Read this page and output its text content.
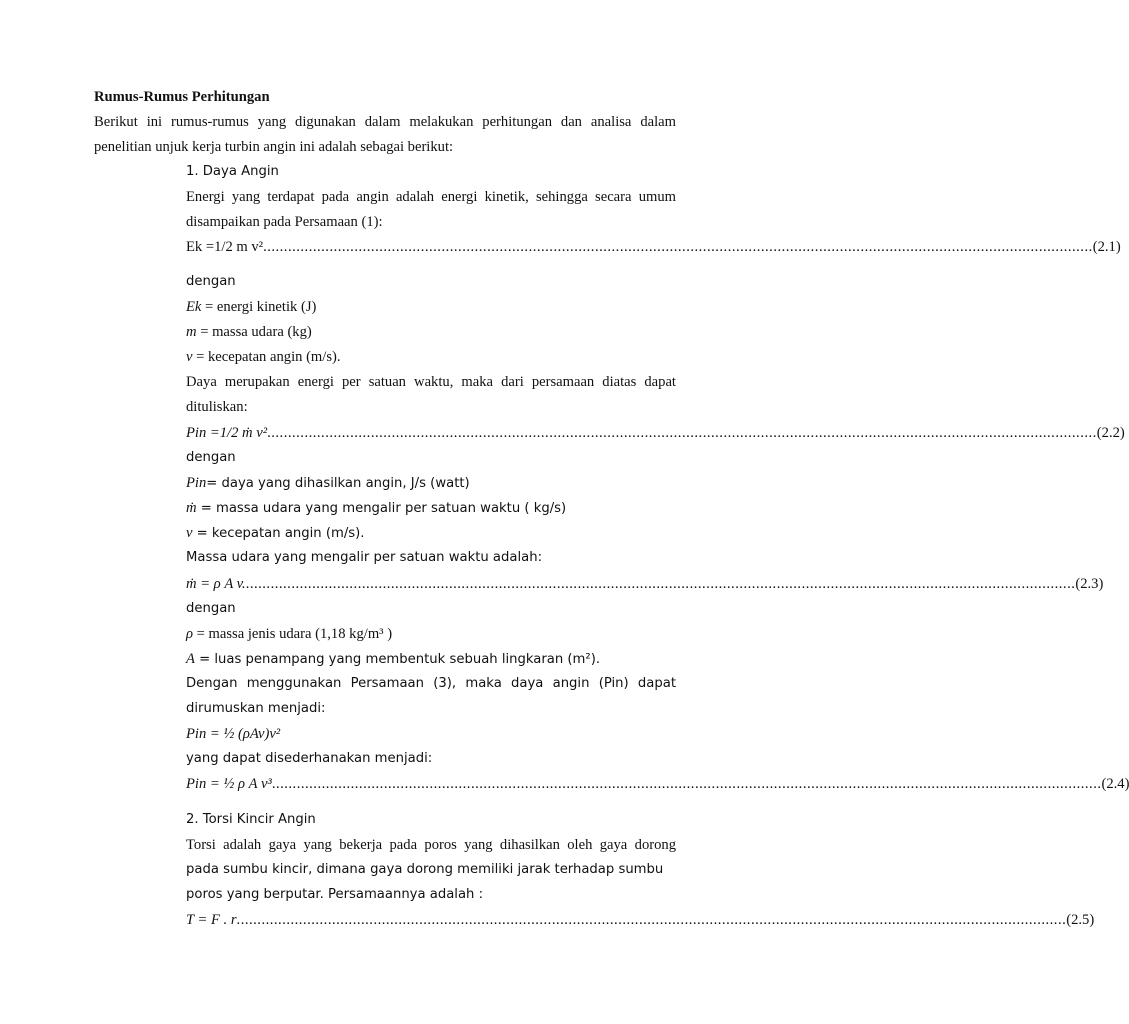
Rumus-Rumus Perhitungan
Berikut ini rumus-rumus yang digunakan dalam melakukan perhitungan dan analisa dalam
penelitian unjuk kerja turbin angin ini adalah sebagai berikut:
1. Daya Angin
Energi yang terdapat pada angin adalah energi kinetik, sehingga secara umum
disampaikan pada Persamaan (1):
Ek =1/2 m v² ........................................................................................................................................................................................................ (2.1)
dengan
Ek = energi kinetik (J)
m = massa udara (kg)
v = kecepatan angin (m/s).
Daya merupakan energi per satuan waktu, maka dari persamaan diatas dapat
dituliskan:
Pin =1/2 ṁ v² ........................................................................................................................................................................................................ (2.2)
dengan
Pin= daya yang dihasilkan angin, J/s (watt)
ṁ = massa udara yang mengalir per satuan waktu ( kg/s)
v = kecepatan angin (m/s).
Massa udara yang mengalir per satuan waktu adalah:
ṁ = ρ A v. ........................................................................................................................................................................................................ (2.3)
dengan
ρ = massa jenis udara (1,18 kg/m³ )
A = luas penampang yang membentuk sebuah lingkaran (m²).
Dengan menggunakan Persamaan (3), maka daya angin (Pin) dapat
dirumuskan menjadi:
Pin = ½ (ρAv)v²
yang dapat disederhanakan menjadi:
Pin = ½ ρ A v³ ........................................................................................................................................................................................................ (2.4)
2. Torsi Kincir Angin
Torsi adalah gaya yang bekerja pada poros yang dihasilkan oleh gaya dorong
pada sumbu kincir, dimana gaya dorong memiliki jarak terhadap sumbu
poros yang berputar. Persamaannya adalah :
T = F . r ........................................................................................................................................................................................................ (2.5)
